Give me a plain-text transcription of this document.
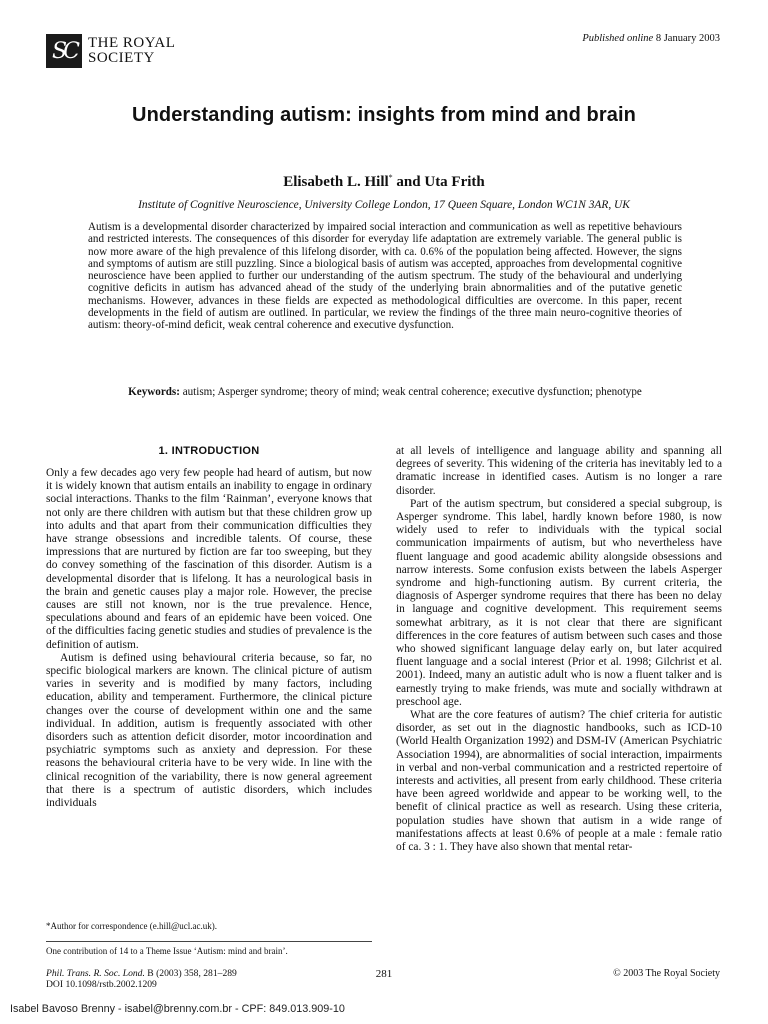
SC THE ROYAL
SOCIETY
Published online 8 January 2003
Understanding autism: insights from mind and brain
Elisabeth L. Hill* and Uta Frith
Institute of Cognitive Neuroscience, University College London, 17 Queen Square, London WC1N 3AR, UK
Autism is a developmental disorder characterized by impaired social interaction and communication as well as repetitive behaviours and restricted interests. The consequences of this disorder for everyday life adaptation are extremely variable. The general public is now more aware of the high prevalence of this lifelong disorder, with ca. 0.6% of the population being affected. However, the signs and symptoms of autism are still puzzling. Since a biological basis of autism was accepted, approaches from developmental cognitive neuroscience have been applied to further our understanding of the autism spectrum. The study of the behavioural and underlying cognitive deficits in autism has advanced ahead of the study of the underlying brain abnormalities and of the putative genetic mechanisms. However, advances in these fields are expected as methodological difficulties are overcome. In this paper, recent developments in the field of autism are outlined. In particular, we review the findings of the three main neuro-cognitive theories of autism: theory-of-mind deficit, weak central coherence and executive dysfunction.
Keywords: autism; Asperger syndrome; theory of mind; weak central coherence; executive dysfunction; phenotype
1. INTRODUCTION

Only a few decades ago very few people had heard of autism, but now it is widely known that autism entails an inability to engage in ordinary social interactions. Thanks to the film ‘Rainman’, everyone knows that not only are there children with autism but that these children grow up into adults and that apart from their communication difficulties they have strange obsessions and incredible talents. Of course, these impressions that are nurtured by fiction are far too sweeping, but they do convey something of the fascination of this disorder. Autism is a developmental disorder that is lifelong. It has a neurological basis in the brain and genetic causes play a major role. However, the precise causes are still not known, nor is the true prevalence. Hence, speculations abound and fears of an epidemic have been voiced. One of the difficulties facing genetic studies and studies of prevalence is the definition of autism.

Autism is defined using behavioural criteria because, so far, no specific biological markers are known. The clinical picture of autism varies in severity and is modified by many factors, including education, ability and temperament. Furthermore, the clinical picture changes over the course of development within one and the same individual. In addition, autism is frequently associated with other disorders such as attention deficit disorder, motor incoordination and psychiatric symptoms such as anxiety and depression. For these reasons the behavioural criteria have to be very wide. In line with the clinical recognition of the variability, there is now general agreement that there is a spectrum of autistic disorders, which includes individuals

at all levels of intelligence and language ability and spanning all degrees of severity. This widening of the criteria has inevitably led to a dramatic increase in identified cases. Autism is no longer a rare disorder.

Part of the autism spectrum, but considered a special subgroup, is Asperger syndrome. This label, hardly known before 1980, is now widely used to refer to individuals with the typical social communication impairments of autism, but who nevertheless have fluent language and good academic ability alongside obsessions and narrow interests. Some confusion exists between the labels Asperger syndrome and high-functioning autism. By current criteria, the diagnosis of Asperger syndrome requires that there has been no delay in language and cognitive development. This requirement seems somewhat arbitrary, as it is not clear that there are significant differences in the core features of autism between such cases and those who showed significant language delay early on, but later acquired fluent language and a social interest (Prior et al. 1998; Gilchrist et al. 2001). Indeed, many an autistic adult who is now a fluent talker and is earnestly trying to make friends, was mute and socially withdrawn at preschool age.

What are the core features of autism? The chief criteria for autistic disorder, as set out in the diagnostic handbooks, such as ICD-10 (World Health Organization 1992) and DSM-IV (American Psychiatric Association 1994), are abnormalities of social interaction, impairments in verbal and non-verbal communication and a restricted repertoire of interests and activities, all present from early childhood. These criteria have been agreed worldwide and appear to be working well, to the benefit of clinical practice as well as research. Using these criteria, population studies have shown that autism in a wide range of manifestations affects at least 0.6% of people at a male : female ratio of ca. 3 : 1. They have also shown that mental retar-

*Author for correspondence (e.hill@ucl.ac.uk).
One contribution of 14 to a Theme Issue ‘Autism: mind and brain’.
Phil. Trans. R. Soc. Lond. B (2003) 358, 281–289
DOI 10.1098/rstb.2002.1209
281	© 2003 The Royal Society
Isabel Bavoso Brenny - isabel@brenny.com.br - CPF: 849.013.909-10
